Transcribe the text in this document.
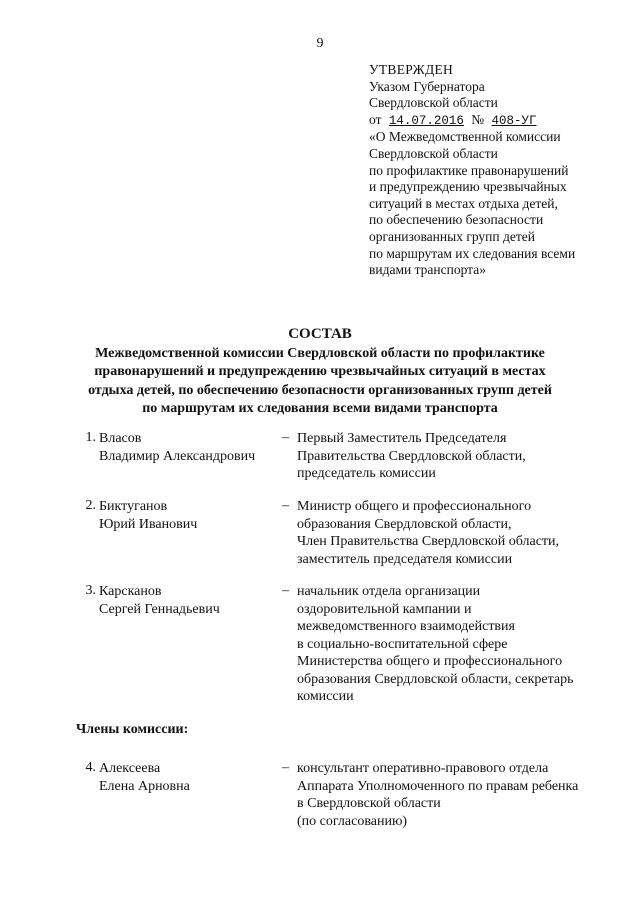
9
УТВЕРЖДЕН
Указом Губернатора
Свердловской области
от 14.07.2016 № 408-УГ
«О Межведомственной комиссии
Свердловской области
по профилактике правонарушений
и предупреждению чрезвычайных
ситуаций в местах отдыха детей,
по обеспечению безопасности
организованных групп детей
по маршрутам их следования всеми
видами транспорта»
СОСТАВ
Межведомственной комиссии Свердловской области по профилактике
правонарушений и предупреждению чрезвычайных ситуаций в местах
отдыха детей, по обеспечению безопасности организованных групп детей
по маршрутам их следования всеми видами транспорта
1. Власов
Владимир Александрович
– Первый Заместитель Председателя
Правительства Свердловской области,
председатель комиссии
2. Биктуганов
Юрий Иванович
– Министр общего и профессионального
образования Свердловской области,
Член Правительства Свердловской области,
заместитель председателя комиссии
3. Карсканов
Сергей Геннадьевич
– начальник отдела организации
оздоровительной кампании и
межведомственного взаимодействия
в социально-воспитательной сфере
Министерства общего и профессионального
образования Свердловской области, секретарь
комиссии
4. Алексеева
Елена Арновна
– консультант оперативно-правового отдела
Аппарата Уполномоченного по правам ребенка
в Свердловской области
(по согласованию)
Члены комиссии:
